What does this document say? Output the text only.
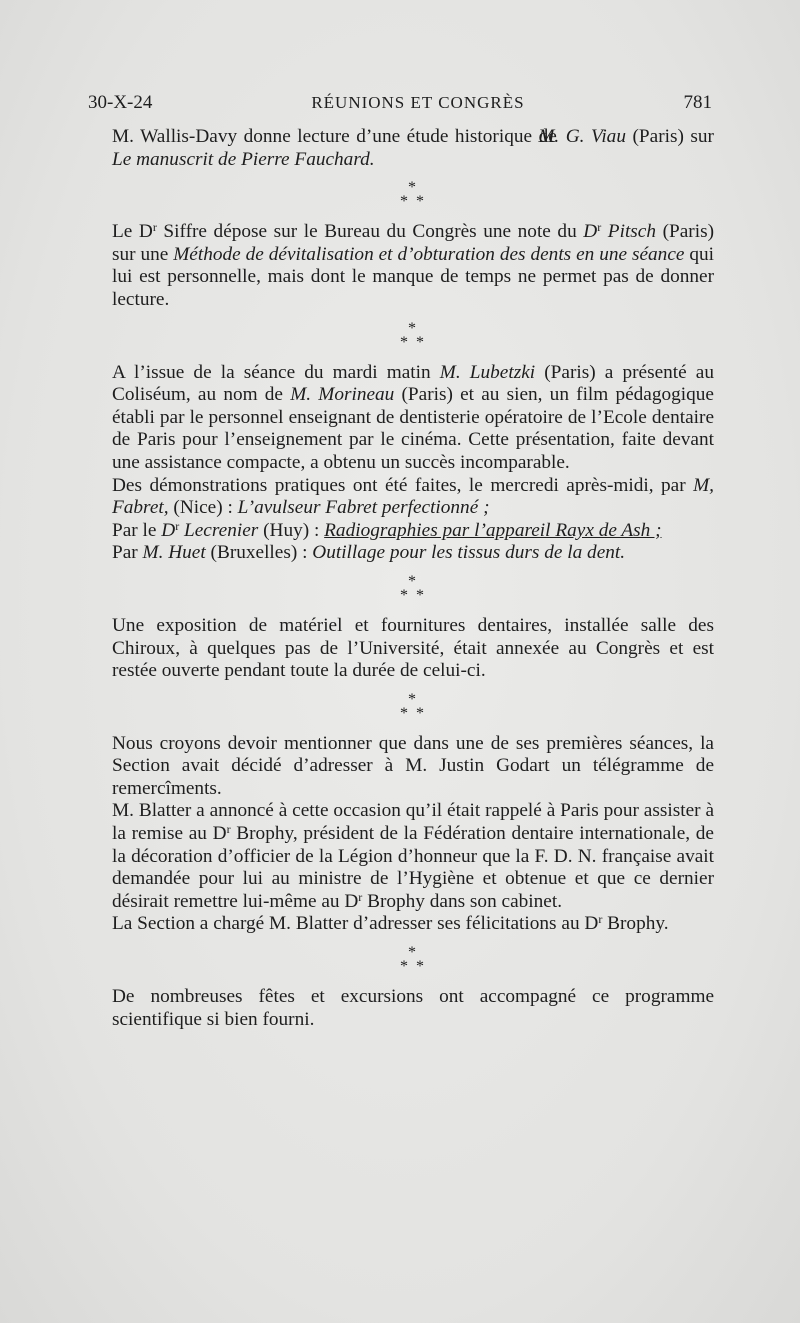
30-X-24	RÉUNIONS ET CONGRÈS	781

M. Wallis-Davy donne lecture d’une étude historique de M. G. Viau (Paris) sur Le manuscrit de Pierre Fauchard.

*
* *

Le $D^r$ Siffre dépose sur le Bureau du Congrès une note du $D^r$ Pitsch (Paris) sur une Méthode de dévitalisation et d’obturation des dents en une séance qui lui est personnelle, mais dont le manque de temps ne permet pas de donner lecture.

*
* *

A l’issue de la séance du mardi matin M. Lubetzki (Paris) a présenté au Coliséum, au nom de M. Morineau (Paris) et au sien, un film pédagogique établi par le personnel enseignant de dentisterie opératoire de l’Ecole dentaire de Paris pour l’enseignement par le cinéma. Cette présentation, faite devant une assistance compacte, a obtenu un succès incomparable.

Des démonstrations pratiques ont été faites, le mercredi après-midi, par M, Fabret, (Nice) : L’avulseur Fabret perfectionné ;

Par le $D^r$ Lecrenier (Huy) : Radiographies par l’appareil Rayx de Ash ;

Par M. Huet (Bruxelles) : Outillage pour les tissus durs de la dent.

*
* *

Une exposition de matériel et fournitures dentaires, installée salle des Chiroux, à quelques pas de l’Université, était annexée au Congrès et est restée ouverte pendant toute la durée de celui-ci.

*
* *

Nous croyons devoir mentionner que dans une de ses premières séances, la Section avait décidé d’adresser à M. Justin Godart un télégramme de remercîments.

M. Blatter a annoncé à cette occasion qu’il était rappelé à Paris pour assister à la remise au $D^r$ Brophy, président de la Fédération dentaire internationale, de la décoration d’officier de la Légion d’honneur que la F. D. N. française avait demandée pour lui au ministre de l’Hygiène et obtenue et que ce dernier désirait remettre lui-même au $D^r$ Brophy dans son cabinet.

La Section a chargé M. Blatter d’adresser ses félicitations au $D^r$ Brophy.

*
* *

De nombreuses fêtes et excursions ont accompagné ce programme scientifique si bien fourni.
